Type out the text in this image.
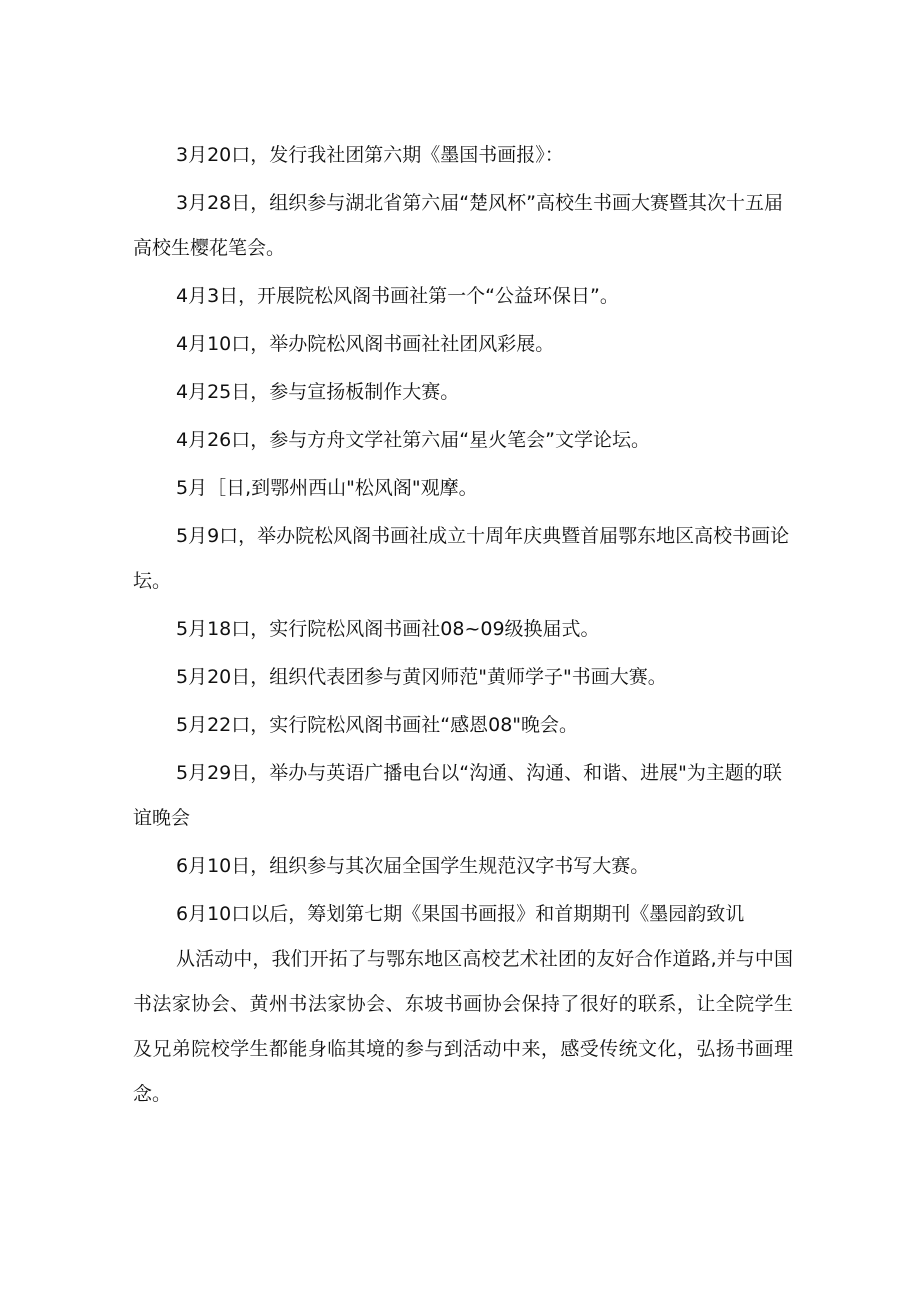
3月20口，发行我社团第六期《墨国书画报》：

3月28日，组织参与湖北省第六届“楚风杯”高校生书画大赛暨其次十五届高校生樱花笔会。

4月3日，开展院松风阁书画社第一个“公益环保日”。

4月10口，举办院松风阁书画社社团风彩展。

4月25日，参与宣扬板制作大赛。

4月26口，参与方舟文学社第六届“星火笔会”文学论坛。

5月［日,到鄂州西山"松风阁"观摩。

5月9口，举办院松风阁书画社成立十周年庆典暨首届鄂东地区高校书画论坛。

5月18口，实行院松风阁书画社08~09级换届式。

5月20日，组织代表团参与黄冈师范"黄师学子"书画大赛。

5月22口，实行院松风阁书画社“感恩08"晚会。

5月29日，举办与英语广播电台以“沟通、沟通、和谐、进展"为主题的联谊晚会

6月10日，组织参与其次届全国学生规范汉字书写大赛。

6月10口以后，筹划第七期《果国书画报》和首期期刊《墨园韵致讥

从活动中，我们开拓了与鄂东地区高校艺术社团的友好合作道路,并与中国书法家协会、黄州书法家协会、东坡书画协会保持了很好的联系，让全院学生及兄弟院校学生都能身临其境的参与到活动中来，感受传统文化，弘扬书画理念。
